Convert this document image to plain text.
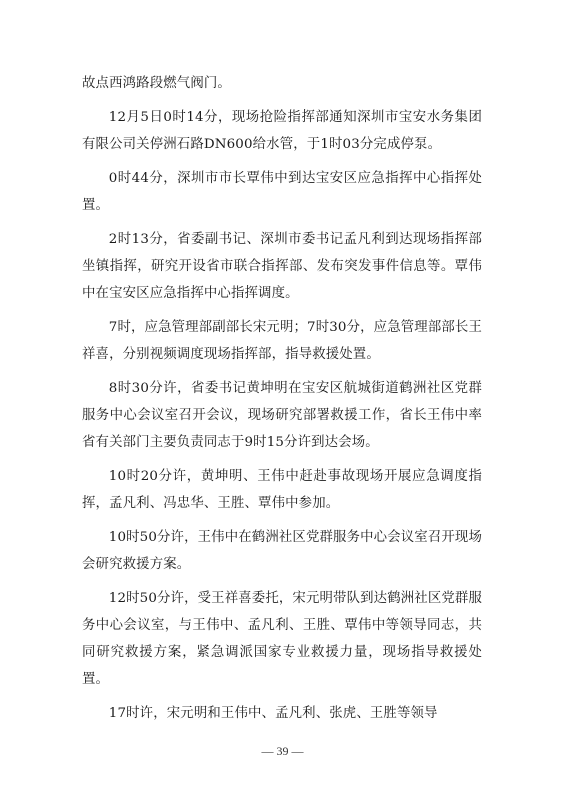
故点西鸿路段燃气阀门。

12月5日0时14分，现场抢险指挥部通知深圳市宝安水务集团有限公司关停洲石路DN600给水管，于1时03分完成停泵。

0时44分，深圳市市长覃伟中到达宝安区应急指挥中心指挥处置。

2时13分，省委副书记、深圳市委书记孟凡利到达现场指挥部坐镇指挥，研究开设省市联合指挥部、发布突发事件信息等。覃伟中在宝安区应急指挥中心指挥调度。

7时，应急管理部副部长宋元明；7时30分，应急管理部部长王祥喜，分别视频调度现场指挥部，指导救援处置。

8时30分许，省委书记黄坤明在宝安区航城街道鹤洲社区党群服务中心会议室召开会议，现场研究部署救援工作，省长王伟中率省有关部门主要负责同志于9时15分许到达会场。

10时20分许，黄坤明、王伟中赶赴事故现场开展应急调度指挥，孟凡利、冯忠华、王胜、覃伟中参加。

10时50分许，王伟中在鹤洲社区党群服务中心会议室召开现场会研究救援方案。

12时50分许，受王祥喜委托，宋元明带队到达鹤洲社区党群服务中心会议室，与王伟中、孟凡利、王胜、覃伟中等领导同志，共同研究救援方案，紧急调派国家专业救援力量，现场指导救援处置。

17时许，宋元明和王伟中、孟凡利、张虎、王胜等领导

— 39 —
